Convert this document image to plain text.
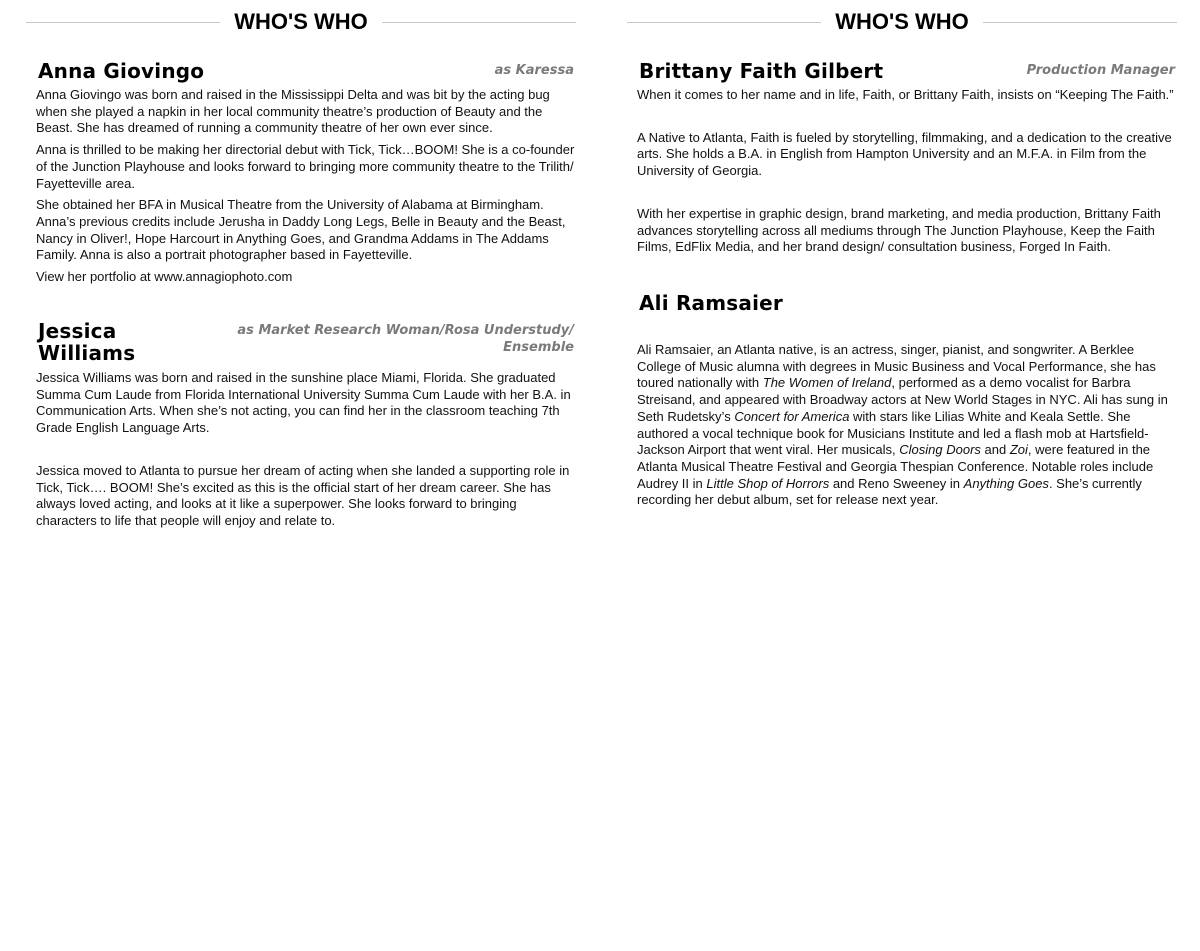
WHO'S WHO
Anna Giovingo	as Karessa

Anna Giovingo was born and raised in the Mississippi Delta and was bit by the acting bug when she played a napkin in her local community theatre’s production of Beauty and the Beast. She has dreamed of running a community theatre of her own ever since.

Anna is thrilled to be making her directorial debut with Tick, Tick…BOOM! She is a co-founder of the Junction Playhouse and looks forward to bringing more community theatre to the Trilith/ Fayetteville area.

She obtained her BFA in Musical Theatre from the University of Alabama at Birmingham. Anna’s previous credits include Jerusha in Daddy Long Legs, Belle in Beauty and the Beast, Nancy in Oliver!, Hope Harcourt in Anything Goes, and Grandma Addams in The Addams Family. Anna is also a portrait photographer based in Fayetteville.

View her portfolio at www.annagiophoto.com

Jessica
Williams
as Market Research Woman/Rosa Understudy/
Ensemble

Jessica Williams was born and raised in the sunshine place Miami, Florida. She graduated Summa Cum Laude from Florida International University Summa Cum Laude with her B.A. in Communication Arts. When she’s not acting, you can find her in the classroom teaching 7th Grade English Language Arts.

Jessica moved to Atlanta to pursue her dream of acting when she landed a supporting role in Tick, Tick…. BOOM! She’s excited as this is the official start of her dream career. She has always loved acting, and looks at it like a superpower. She looks forward to bringing characters to life that people will enjoy and relate to.

WHO'S WHO
Brittany Faith Gilbert	Production Manager

When it comes to her name and in life, Faith, or Brittany Faith, insists on “Keeping The Faith.”

A Native to Atlanta, Faith is fueled by storytelling, filmmaking, and a dedication to the creative arts. She holds a B.A. in English from Hampton University and an M.F.A. in Film from the University of Georgia.

With her expertise in graphic design, brand marketing, and media production, Brittany Faith advances storytelling across all mediums through The Junction Playhouse, Keep the Faith Films, EdFlix Media, and her brand design/ consultation business, Forged In Faith.

Ali Ramsaier

Ali Ramsaier, an Atlanta native, is an actress, singer, pianist, and songwriter. A Berklee College of Music alumna with degrees in Music Business and Vocal Performance, she has toured nationally with The Women of Ireland, performed as a demo vocalist for Barbra Streisand, and appeared with Broadway actors at New World Stages in NYC. Ali has sung in Seth Rudetsky’s Concert for America with stars like Lilias White and Keala Settle. She authored a vocal technique book for Musicians Institute and led a flash mob at Hartsfield-Jackson Airport that went viral. Her musicals, Closing Doors and Zoi, were featured in the Atlanta Musical Theatre Festival and Georgia Thespian Conference. Notable roles include Audrey II in Little Shop of Horrors and Reno Sweeney in Anything Goes. She’s currently recording her debut album, set for release next year.
